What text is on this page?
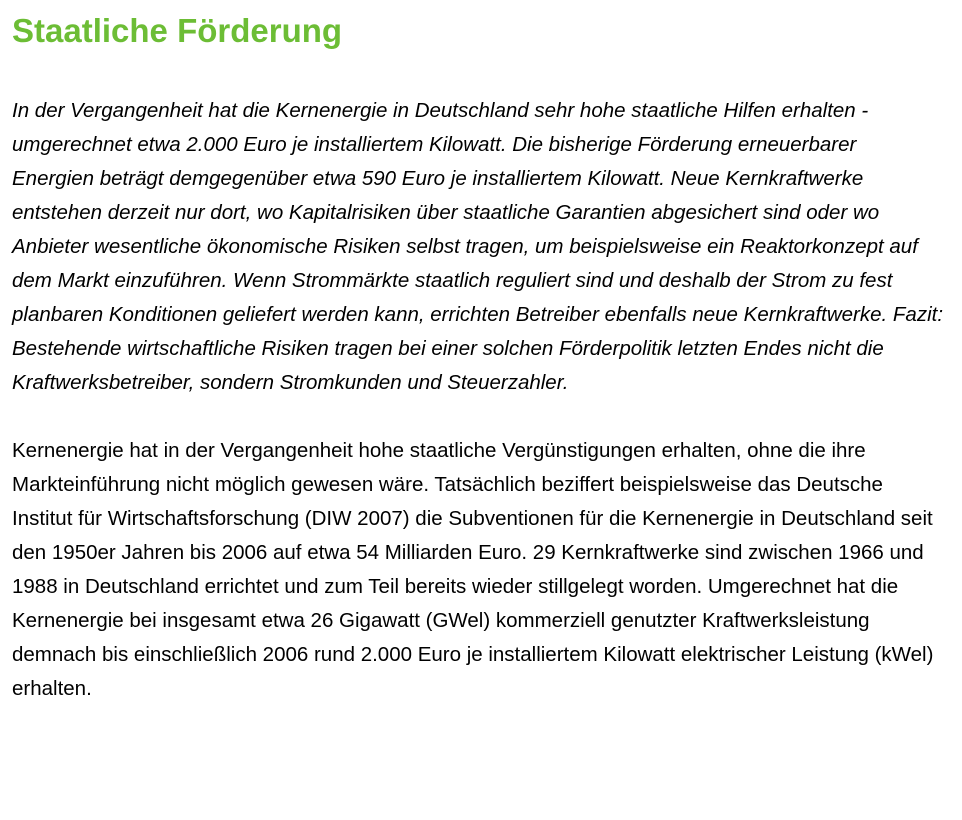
Staatliche Förderung

In der Vergangenheit hat die Kernenergie in Deutschland sehr hohe staatliche Hilfen erhalten - umgerechnet etwa 2.000 Euro je installiertem Kilowatt. Die bisherige Förderung erneuerbarer Energien beträgt demgegenüber etwa 590 Euro je installiertem Kilowatt. Neue Kernkraftwerke entstehen derzeit nur dort, wo Kapitalrisiken über staatliche Garantien abgesichert sind oder wo Anbieter wesentliche ökonomische Risiken selbst tragen, um beispielsweise ein Reaktorkonzept auf dem Markt einzuführen. Wenn Strommärkte staatlich reguliert sind und deshalb der Strom zu fest planbaren Konditionen geliefert werden kann, errichten Betreiber ebenfalls neue Kernkraftwerke. Fazit: Bestehende wirtschaftliche Risiken tragen bei einer solchen Förderpolitik letzten Endes nicht die Kraftwerksbetreiber, sondern Stromkunden und Steuerzahler.

Kernenergie hat in der Vergangenheit hohe staatliche Vergünstigungen erhalten, ohne die ihre Markteinführung nicht möglich gewesen wäre. Tatsächlich beziffert beispielsweise das Deutsche Institut für Wirtschaftsforschung (DIW 2007) die Subventionen für die Kernenergie in Deutschland seit den 1950er Jahren bis 2006 auf etwa 54 Milliarden Euro. 29 Kernkraftwerke sind zwischen 1966 und 1988 in Deutschland errichtet und zum Teil bereits wieder stillgelegt worden. Umgerechnet hat die Kernenergie bei insgesamt etwa 26 Gigawatt (GWel) kommerziell genutzter Kraftwerksleistung demnach bis einschließlich 2006 rund 2.000 Euro je installiertem Kilowatt elektrischer Leistung (kWel) erhalten.
